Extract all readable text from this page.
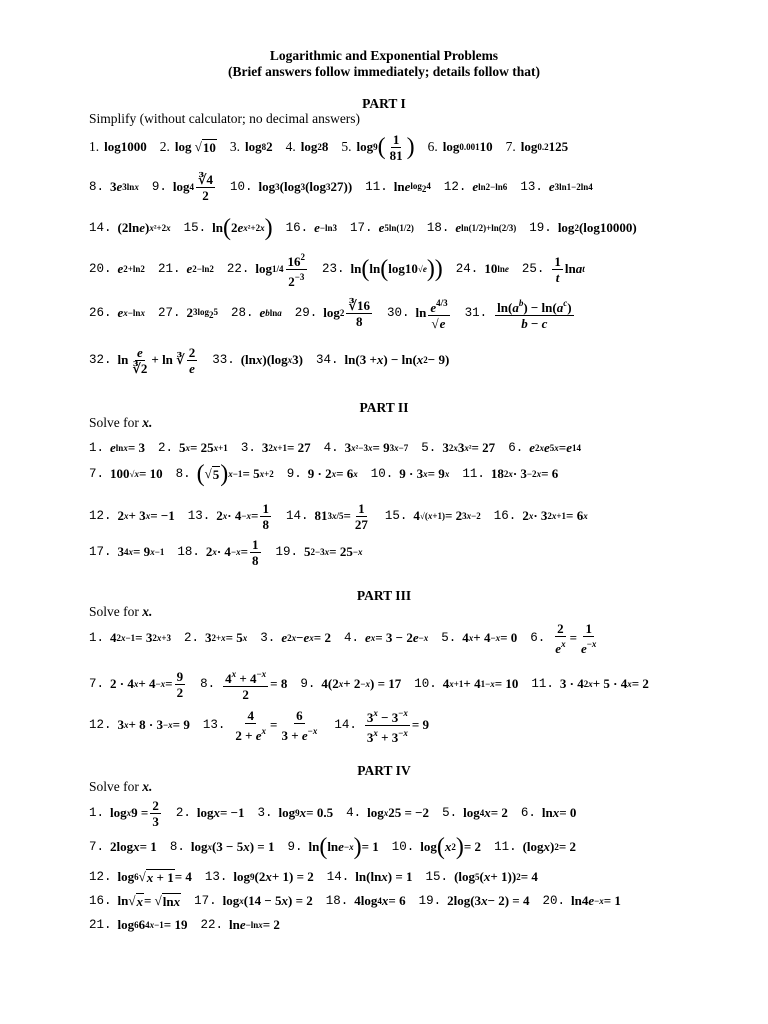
Logarithmic and Exponential Problems
(Brief answers follow immediately; details follow that)
PART I
Simplify (without calculator; no decimal answers)
1. log1000 2. log √ 10 3. log 8 2 4. log 2 8 5. log 9 ( $\frac{1}{81}$ ) 6. log 0.001 10 7. log 0.2 125
8. 3 e 3lnx 9. $\log 4 \frac{∛4}{2} 10$. log 3 (log 3 (log 3 27)) 11. ln e $\log_24$ 12. e ln2−ln6 13. e 3ln1−2ln4
14. (2ln e ) x²+2x 15. ln ( 2 e x²+2x ) 16. e −ln3 17. e 5ln(1/2) 18. e ln(1/2)+ln(2/3) 19. log 2 (log10000)
20. e 2+ln2 21. e 2−ln2 22. $\log 1/4 \frac{16^2}{2^{-3}} 23$. ln ( ln ( log10 √e )) 24. 10 lne 25. $\frac{1}{t}$ ln a t
26. e x−lnx 27. 2 $3\log_25$ 28. e blna 29. $\log 2 \frac{∛16}{8} 30$. $\ln \frac{e^{4/3}}{√e} 31$. $\frac{\ln(a^b) - \ln(a^c)}{b - c}$
32. $\ln \frac{e}{∛2} + \ln$ ∛ $\frac{2}{e} 33$. (ln x )(log x 3) 34. ln(3 + x ) − ln( x 2 − 9)
PART II
Solve for x.
1. e lnx = 3 2. 5 x = 25 x+1 3. 3 2x+1 = 27 4. 3 x²−3x = 9 3x−7 5. 3 2x 3 x² = 27 6. e 2x e 5x = e 14
7. 100 √x = 10 8. ( √ 5 ) x−1 = 5 x+2 9. 9 · 2 x = 6 x 10. 9 · 3 x = 9 x 11. 18 2x · 3 −2x = 6
12. 2 x + 3 x = −1 13. 2 $x \cdot 4 -x = \frac{1}{8} 14$. 81 $3x/5 = \frac{1}{27} 15$. 4 √(x+1) = 2 3x−2 16. 2 x · 3 2x+1 = 6 x
17. 3 4x = 9 x−1 18. 2 $x \cdot 4 -x = \frac{1}{8} 19$. 5 2−3x = 25 −x
PART III
Solve for x.
1. 4 2x−1 = 3 2x+3 2. 3 2+x = 5 x 3. e 2x − e x = 2 4. e x = 3 − 2 e −x 5. 4 x + 4 −x = 0 6. $\frac{2}{e^x} = \frac{1}{e^{-x}}$
7. 2 · 4 $x + 4 -x = \frac{9}{2} 8$. $\frac{4^x + 4^{-x}}{2} = 8$ 9. 4(2 x + 2 −x ) = 17 10. 4 x+1 + 4 1−x = 10 11. 3 · 4 2x + 5 · 4 x = 2
12. 3 x + 8 · 3 −x = 9 13. $\frac{4}{2 + e^x} = \frac{6}{3 + e^{-x}} 14$. $\frac{3^x - 3^{-x}}{3^x + 3^{-x}} = 9$
PART IV
Solve for x.
1. log x $9 = \frac{2}{3} 2$. log x = −1 3. log 9 x = 0.5 4. log x 25 = −2 5. log 4 x = 2 6. ln x = 0
7. 2log x = 1 8. log x (3 − 5 x ) = 1 9. ln ( ln e −x ) = 1 10. log ( x 2 ) = 2 11. (log x ) 2 = 2
12. log 6 √ x + 1 = 4 13. log 9 (2 x + 1) = 2 14. ln(ln x ) = 1 15. (log 5 ( x + 1)) 2 = 4
16. ln√ x = √ lnx 17. log x (14 − 5 x ) = 2 18. 4log 4 x = 6 19. 2log(3 x − 2) = 4 20. ln4 e −x = 1
21. log 6 6 4x−1 = 19 22. ln e −lnx = 2
